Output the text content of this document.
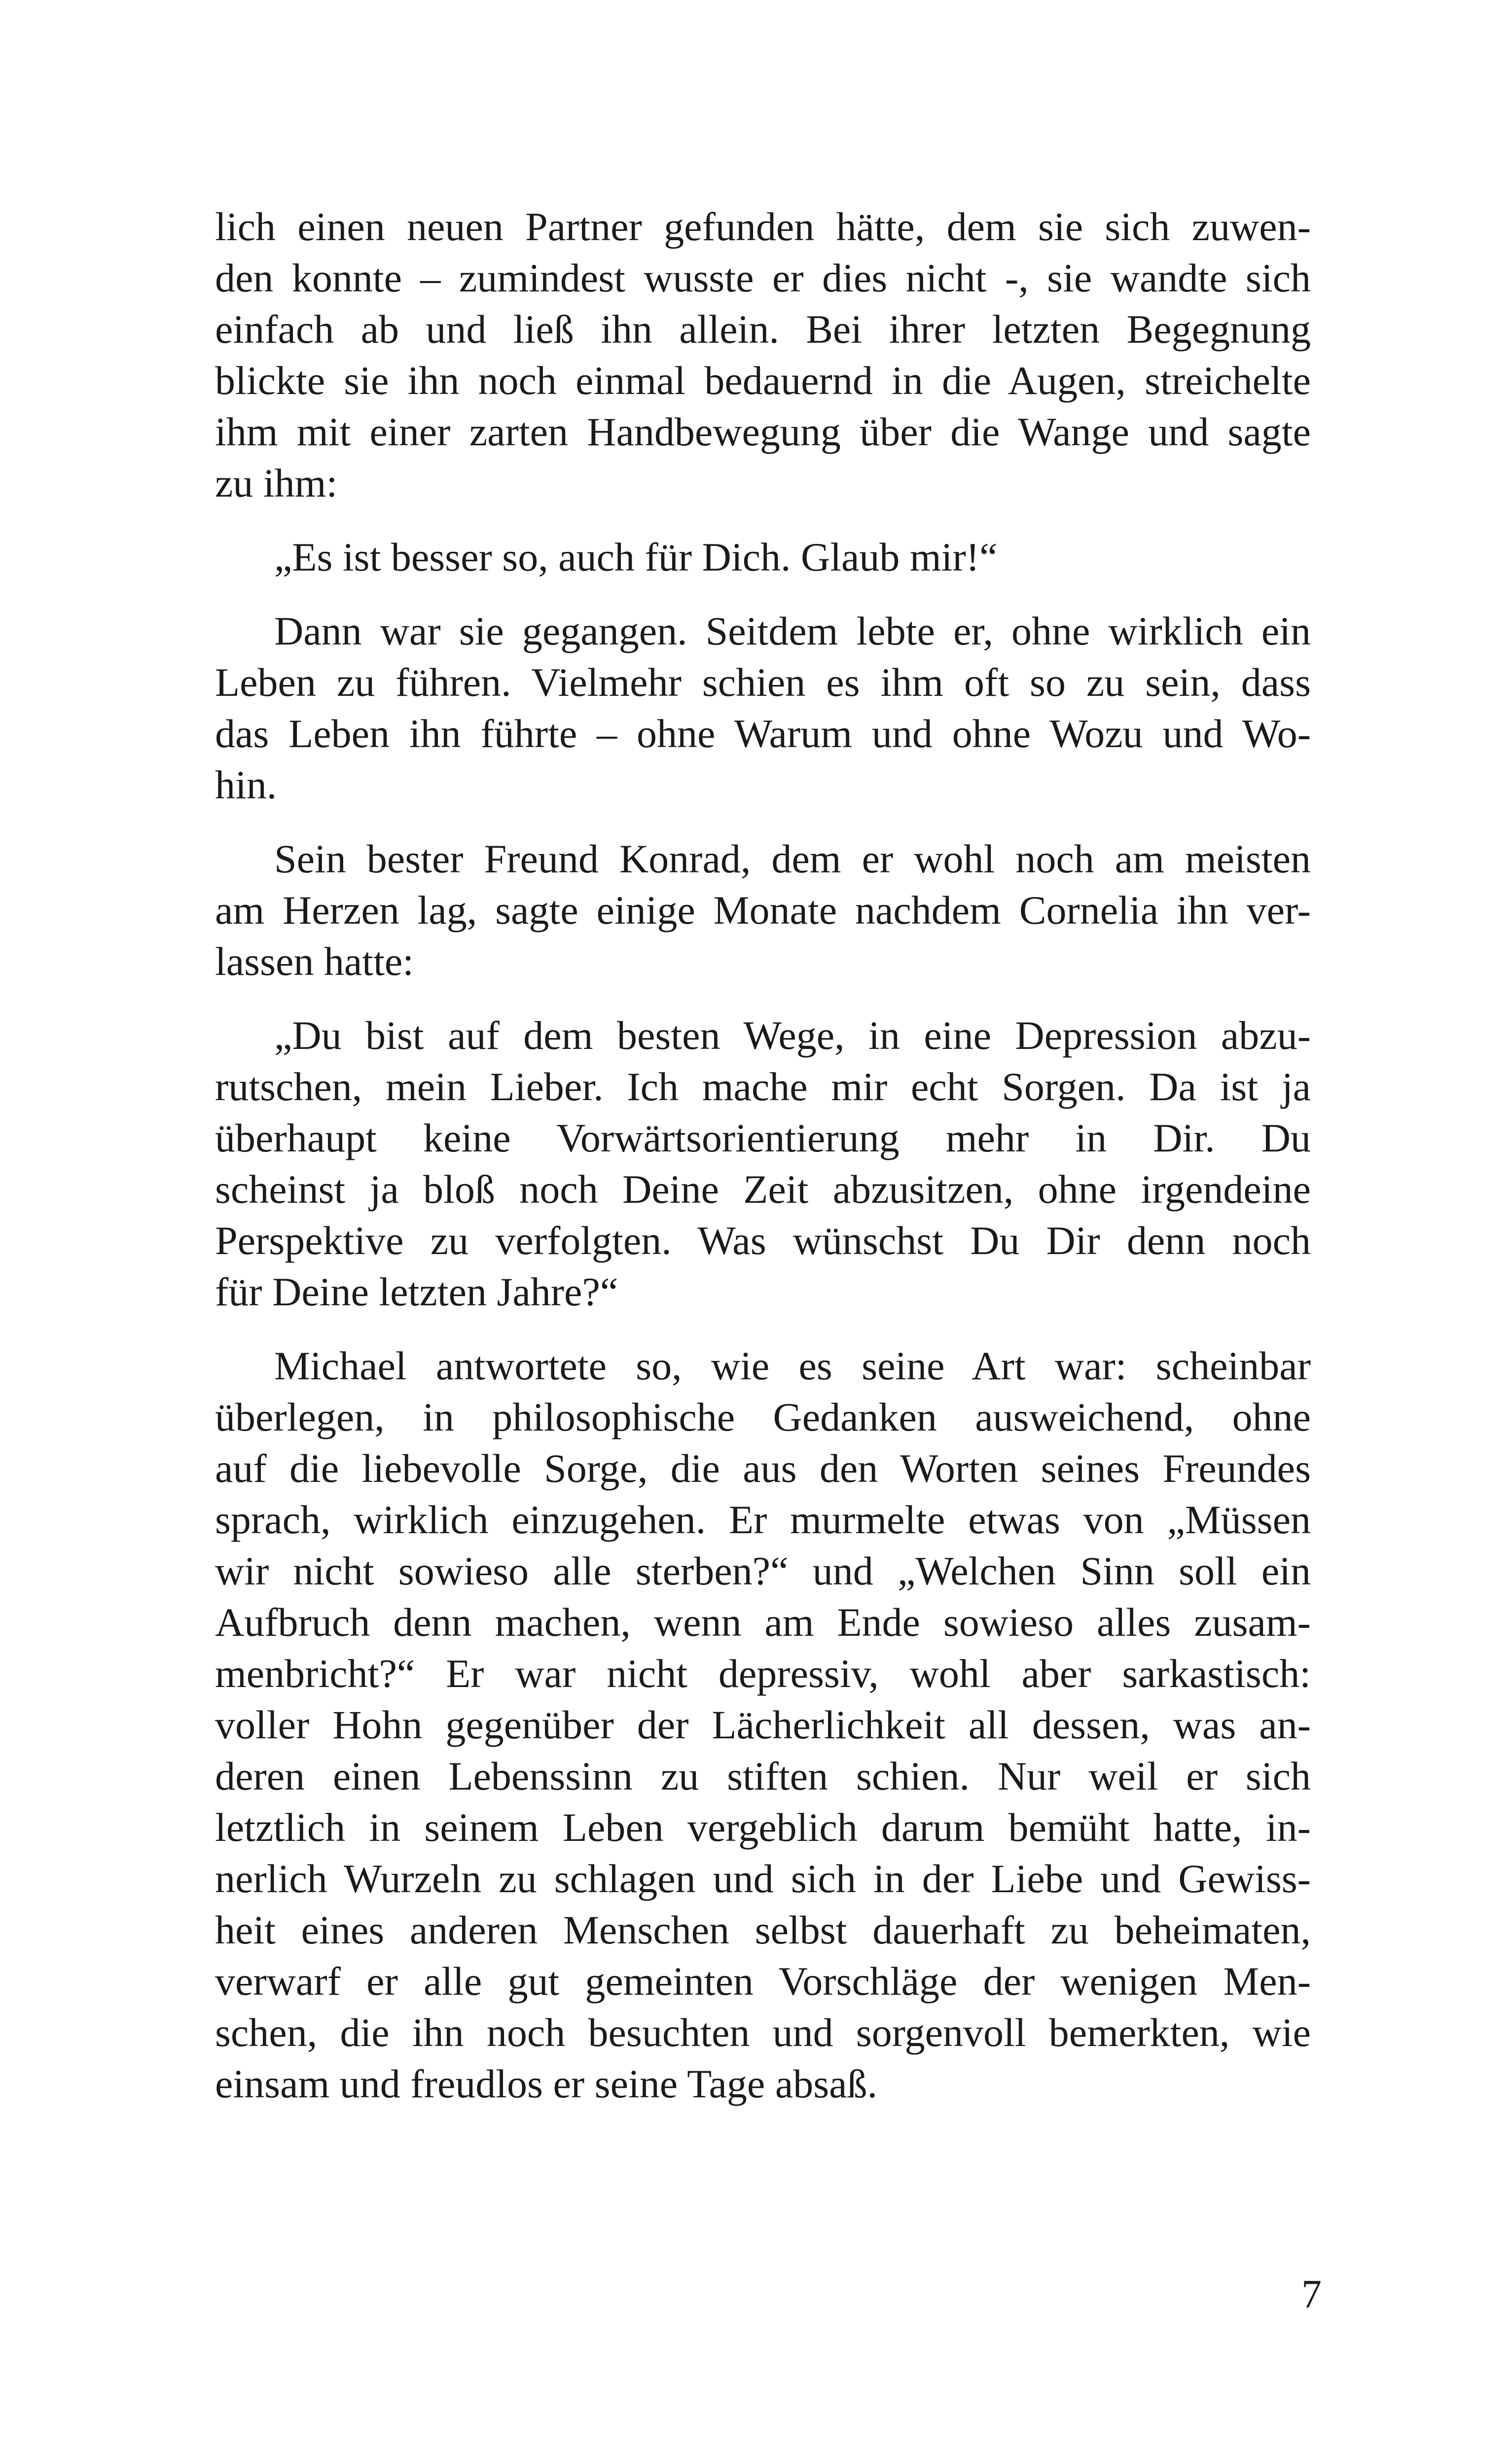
lich einen neuen Partner gefunden hätte, dem sie sich zuwen-
den konnte – zumindest wusste er dies nicht -, sie wandte sich
einfach ab und ließ ihn allein. Bei ihrer letzten Begegnung
blickte sie ihn noch einmal bedauernd in die Augen, streichelte
ihm mit einer zarten Handbewegung über die Wange und sagte
zu ihm:
„Es ist besser so, auch für Dich. Glaub mir!“
Dann war sie gegangen. Seitdem lebte er, ohne wirklich ein
Leben zu führen. Vielmehr schien es ihm oft so zu sein, dass
das Leben ihn führte – ohne Warum und ohne Wozu und Wo-
hin.
Sein bester Freund Konrad, dem er wohl noch am meisten
am Herzen lag, sagte einige Monate nachdem Cornelia ihn ver-
lassen hatte:
„Du bist auf dem besten Wege, in eine Depression abzu-
rutschen, mein Lieber. Ich mache mir echt Sorgen. Da ist ja
überhaupt keine Vorwärtsorientierung mehr in Dir. Du
scheinst ja bloß noch Deine Zeit abzusitzen, ohne irgendeine
Perspektive zu verfolgten. Was wünschst Du Dir denn noch
für Deine letzten Jahre?“
Michael antwortete so, wie es seine Art war: scheinbar
überlegen, in philosophische Gedanken ausweichend, ohne
auf die liebevolle Sorge, die aus den Worten seines Freundes
sprach, wirklich einzugehen. Er murmelte etwas von „Müssen
wir nicht sowieso alle sterben?“ und „Welchen Sinn soll ein
Aufbruch denn machen, wenn am Ende sowieso alles zusam-
menbricht?“ Er war nicht depressiv, wohl aber sarkastisch:
voller Hohn gegenüber der Lächerlichkeit all dessen, was an-
deren einen Lebenssinn zu stiften schien. Nur weil er sich
letztlich in seinem Leben vergeblich darum bemüht hatte, in-
nerlich Wurzeln zu schlagen und sich in der Liebe und Gewiss-
heit eines anderen Menschen selbst dauerhaft zu beheimaten,
verwarf er alle gut gemeinten Vorschläge der wenigen Men-
schen, die ihn noch besuchten und sorgenvoll bemerkten, wie
einsam und freudlos er seine Tage absaß.
7
